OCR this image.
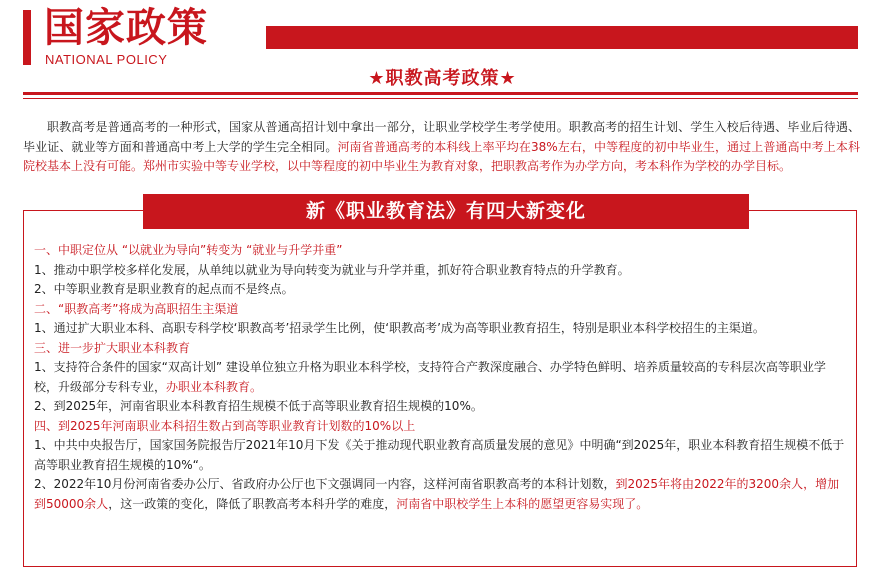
国家政策
NATIONAL POLICY
★职教高考政策★
职教高考是普通高考的一种形式，国家从普通高招计划中拿出一部分，让职业学校学生考学使用。职教高考的招生计划、学生入校后待遇、毕业后待遇、毕业证、就业等方面和普通高中考上大学的学生完全相同。河南省普通高考的本科线上率平均在38%左右，中等程度的初中毕业生，通过上普通高中考上本科院校基本上没有可能。郑州市实验中等专业学校，以中等程度的初中毕业生为教育对象，把职教高考作为办学方向，考本科作为学校的办学目标。
新《职业教育法》有四大新变化

一、中职定位从 “以就业为导向”转变为 “就业与升学并重”

1、推动中职学校多样化发展，从单纯以就业为导向转变为就业与升学并重，抓好符合职业教育特点的升学教育。

2、中等职业教育是职业教育的起点而不是终点。

二、“职教高考”将成为高职招生主渠道

1、通过扩大职业本科、高职专科学校‘职教高考’招录学生比例，使‘职教高考’成为高等职业教育招生，特别是职业本科学校招生的主渠道。

三、进一步扩大职业本科教育

1、支持符合条件的国家“双高计划” 建设单位独立升格为职业本科学校，支持符合产教深度融合、办学特色鲜明、培养质量较高的专科层次高等职业学校，升级部分专科专业，办职业本科教育。

2、到2025年，河南省职业本科教育招生规模不低于高等职业教育招生规模的10%。

四、到2025年河南职业本科招生数占到高等职业教育计划数的10%以上

1、中共中央报告厅，国家国务院报告厅2021年10月下发《关于推动现代职业教育高质量发展的意见》中明确“到2025年，职业本科教育招生规模不低于高等职业教育招生规模的10%“。

2、2022年10月份河南省委办公厅、省政府办公厅也下文强调同一内容，这样河南省职教高考的本科计划数，到2025年将由2022年的3200余人，增加到50000余人，这一政策的变化，降低了职教高考本科升学的难度，河南省中职校学生上本科的愿望更容易实现了。
